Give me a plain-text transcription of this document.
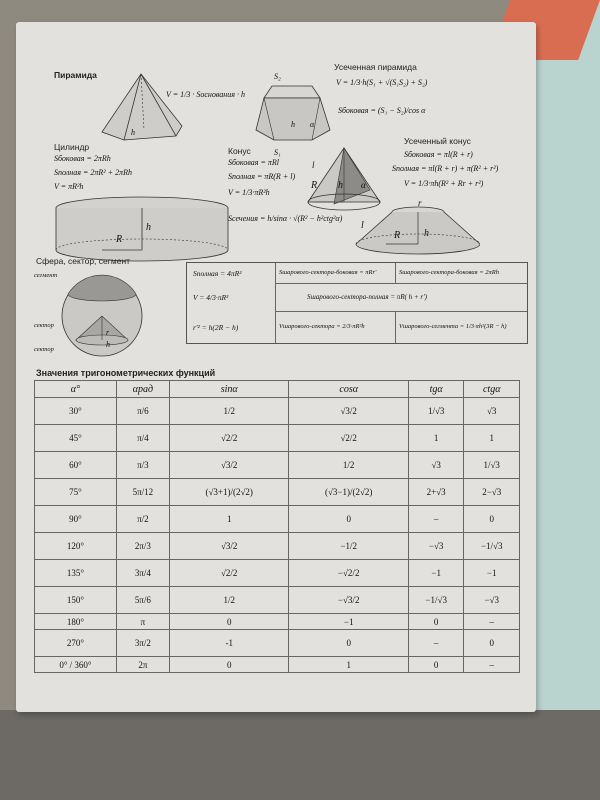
Пирамида
h
V = 1/3 · Sоснования · h
S₂
S₁
h α
Усеченная пирамида
V = 1/3·h(S₁ + √(S₁S₂) + S₂)
Sбоковая = (S₁ − S₂)/cos α
Цилиндр
Sбоковая = 2πRh
Sполная = 2πR² + 2πRh
V = πR²h
R
h
Конус
Sбоковая = πRl
Sполная = πR(R + l)
V = 1/3·πR²h
Sсечения = h/sinα · √(R² − h²ctg²α)
R h
l
α
Усеченный конус
Sбоковая = πl(R + r)
Sполная = πl(R + r) + π(R² + r²)
V = 1/3·πh(R² + Rr + r²)
r
R h
l
Сфера, сектор, сегмент
сегмент
сектор
сектор
r
h
Sполная = 4πR²
V = 4/3·πR³
r'² = h(2R − h)
Sшарового-сектора-боковая = πRr'	Sшарового-сектора-боковая = 2πRh
Sшарового-сектора-полная = πR( h + r')
Vшарового-сектора = 2/3·πR²h	Vшарового-сегмента = 1/3·πh²(3R − h)
Значения тригонометрических функций
α°	αрад	sinα	cosα	tgα	ctgα
30°	π/6	1/2	√3/2	1/√3	√3
45°	π/4	√2/2	√2/2	1	1
60°	π/3	√3/2	1/2	√3	1/√3
75°	5π/12	(√3+1)/(2√2)	(√3−1)/(2√2)	2+√3	2−√3
90°	π/2	1	0	–	0
120°	2π/3	√3/2	−1/2	−√3	−1/√3
135°	3π/4	√2/2	−√2/2	−1	−1
150°	5π/6	1/2	−√3/2	−1/√3	−√3
180°	π	0	−1	0	–
270°	3π/2	-1	0	–	0
0° / 360°	2π	0	1	0	–
